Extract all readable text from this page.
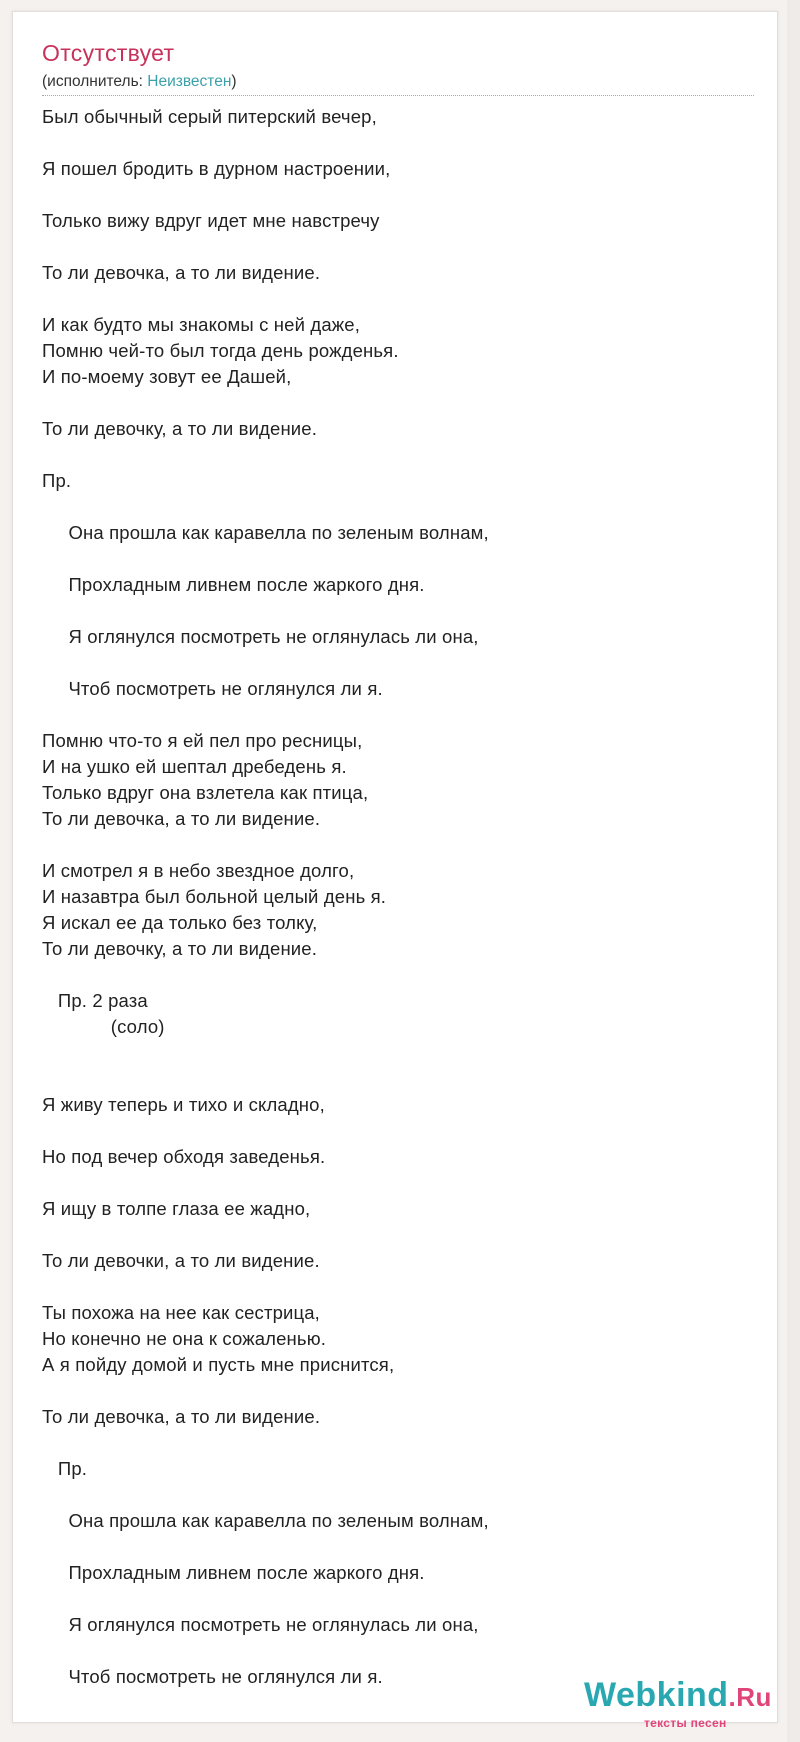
Отсутствует
(исполнитель: Неизвестен)
Был обычный серый питерский вечер,

Я пошел бродить в дурном настроении,

Только вижу вдруг идет мне навстречу

То ли девочка, а то ли видение.

И как будто мы знакомы с ней даже,
Помню чей-то был тогда день рожденья.
И по-моему зовут ее Дашей,

То ли девочку, а то ли видение.

Пр.

Она прошла как каравелла по зеленым волнам,

Прохладным ливнем после жаркого дня.

Я оглянулся посмотреть не оглянулась ли она,

Чтоб посмотреть не оглянулся ли я.

Помню что-то я ей пел про ресницы,
И на ушко ей шептал дребедень я.
Только вдруг она взлетела как птица,
То ли девочка, а то ли видение.

И смотрел я в небо звездное долго,
И назавтра был больной целый день я.
Я искал ее да только без толку,
То ли девочку, а то ли видение.

Пр. 2 раза
(соло)

Я живу теперь и тихо и складно,

Но под вечер обходя заведенья.

Я ищу в толпе глаза ее жадно,

То ли девочки, а то ли видение.

Ты похожа на нее как сестрица,
Но конечно не она к сожаленью.
А я пойду домой и пусть мне приснится,

То ли девочка, а то ли видение.

Пр.

Она прошла как каравелла по зеленым волнам,

Прохладным ливнем после жаркого дня.

Я оглянулся посмотреть не оглянулась ли она,

Чтоб посмотреть не оглянулся ли я.	Webkind.Ru
тексты песен
